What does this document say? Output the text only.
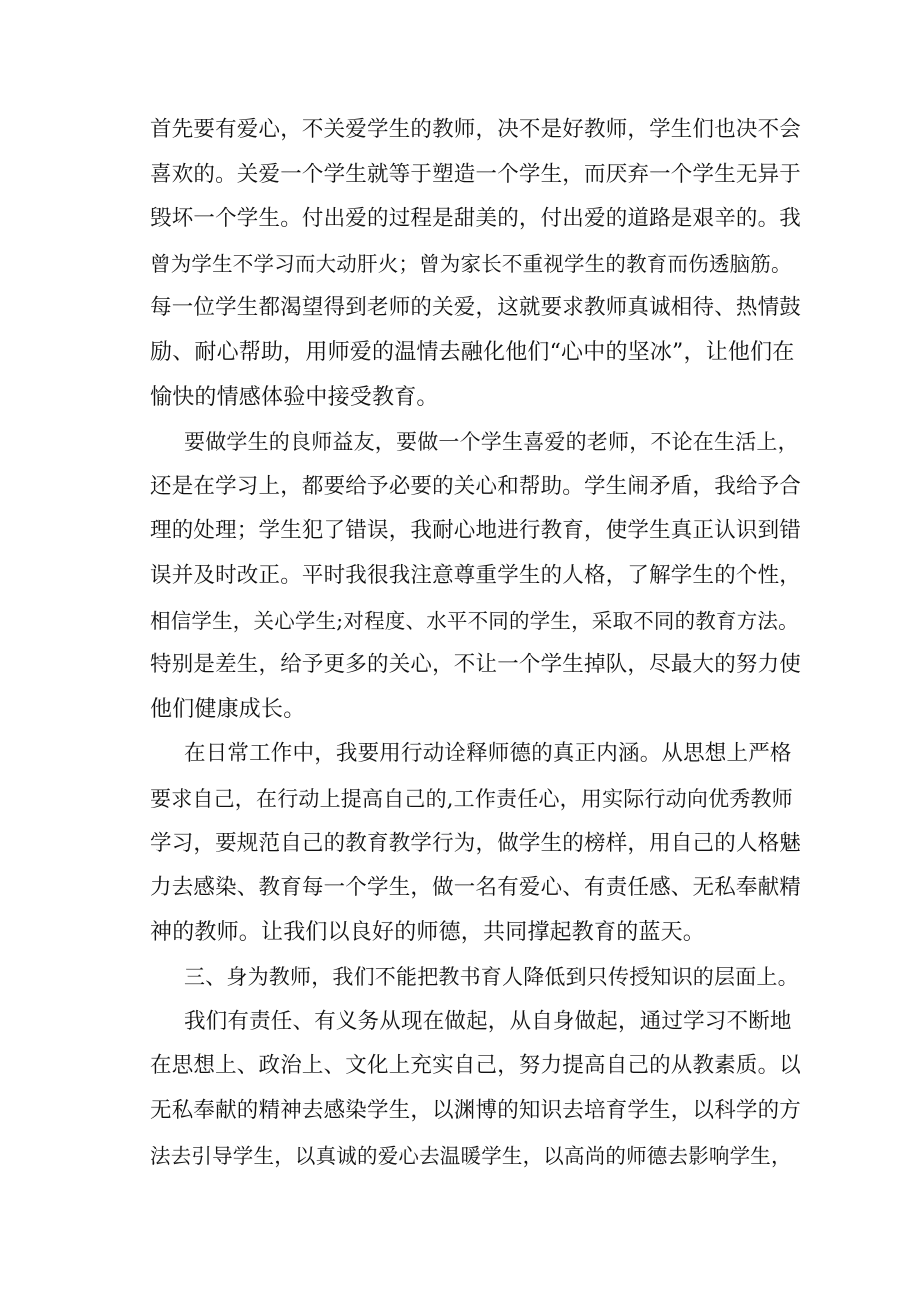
首先要有爱心，不关爱学生的教师，决不是好教师，学生们也决不会
喜欢的。关爱一个学生就等于塑造一个学生，而厌弃一个学生无异于
毁坏一个学生。付出爱的过程是甜美的，付出爱的道路是艰辛的。我
曾为学生不学习而大动肝火；曾为家长不重视学生的教育而伤透脑筋。
每一位学生都渴望得到老师的关爱，这就要求教师真诚相待、热情鼓
励、耐心帮助，用师爱的温情去融化他们“心中的坚冰”，让他们在
愉快的情感体验中接受教育。
要做学生的良师益友，要做一个学生喜爱的老师，不论在生活上，
还是在学习上，都要给予必要的关心和帮助。学生闹矛盾，我给予合
理的处理；学生犯了错误，我耐心地进行教育，使学生真正认识到错
误并及时改正。平时我很我注意尊重学生的人格，了解学生的个性，
相信学生，关心学生;对程度、水平不同的学生，采取不同的教育方法。
特别是差生，给予更多的关心，不让一个学生掉队，尽最大的努力使
他们健康成长。
在日常工作中，我要用行动诠释师德的真正内涵。从思想上严格
要求自己，在行动上提高自己的,工作责任心，用实际行动向优秀教师
学习，要规范自己的教育教学行为，做学生的榜样，用自己的人格魅
力去感染、教育每一个学生，做一名有爱心、有责任感、无私奉献精
神的教师。让我们以良好的师德，共同撑起教育的蓝天。
三、身为教师，我们不能把教书育人降低到只传授知识的层面上。
我们有责任、有义务从现在做起，从自身做起，通过学习不断地
在思想上、政治上、文化上充实自己，努力提高自己的从教素质。以
无私奉献的精神去感染学生，以渊博的知识去培育学生，以科学的方
法去引导学生，以真诚的爱心去温暖学生，以高尚的师德去影响学生，
